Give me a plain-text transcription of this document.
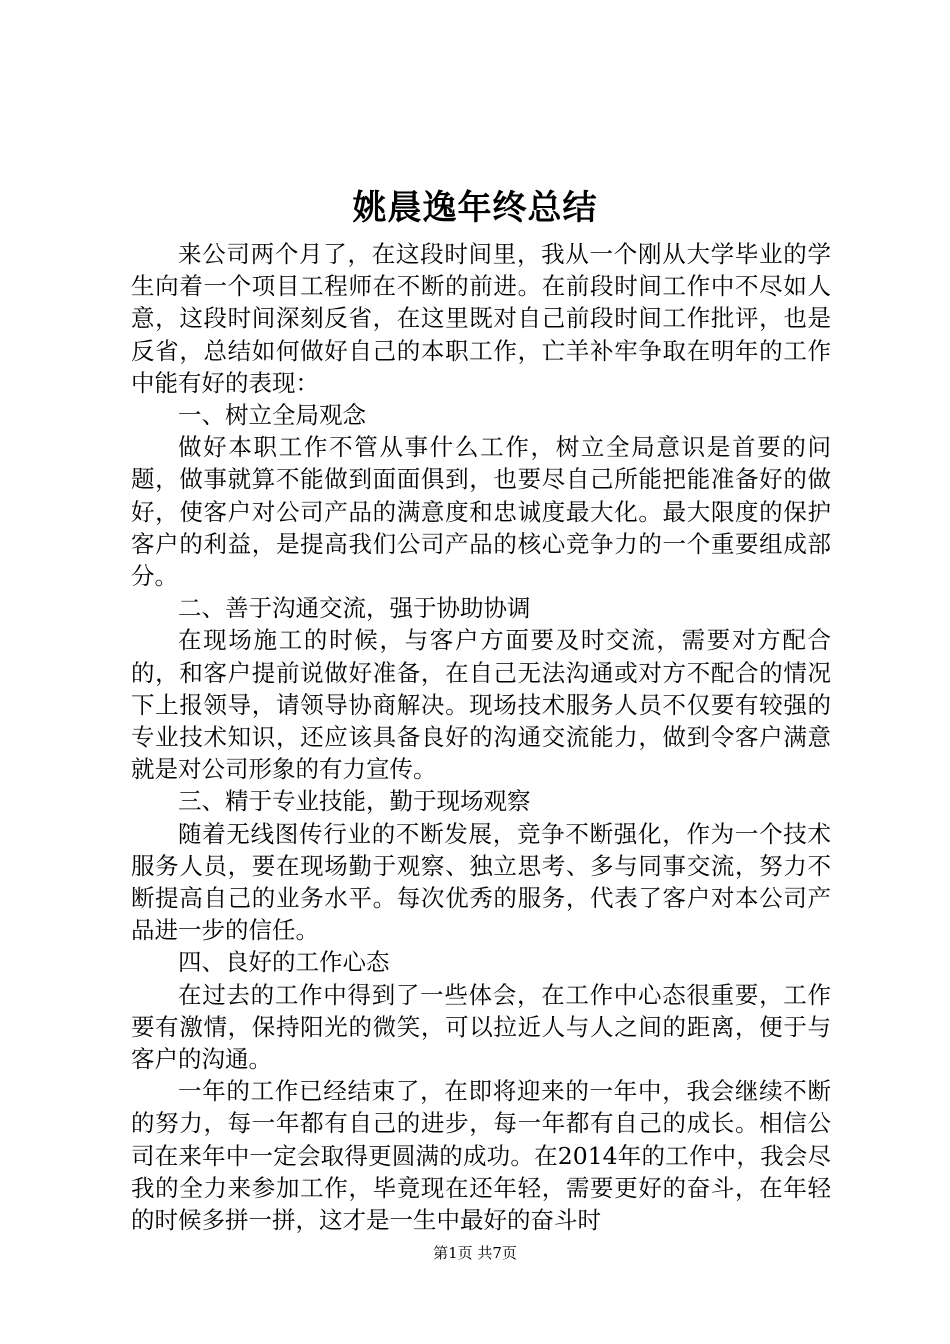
姚晨逸年终总结

来公司两个月了，在这段时间里，我从一个刚从大学毕业的学生向着一个项目工程师在不断的前进。在前段时间工作中不尽如人意，这段时间深刻反省，在这里既对自己前段时间工作批评，也是反省，总结如何做好自己的本职工作，亡羊补牢争取在明年的工作中能有好的表现：

一、树立全局观念

做好本职工作不管从事什么工作，树立全局意识是首要的问题，做事就算不能做到面面俱到，也要尽自己所能把能准备好的做好，使客户对公司产品的满意度和忠诚度最大化。最大限度的保护客户的利益，是提高我们公司产品的核心竞争力的一个重要组成部分。

二、善于沟通交流，强于协助协调

在现场施工的时候，与客户方面要及时交流，需要对方配合的，和客户提前说做好准备，在自己无法沟通或对方不配合的情况下上报领导，请领导协商解决。现场技术服务人员不仅要有较强的专业技术知识，还应该具备良好的沟通交流能力，做到令客户满意就是对公司形象的有力宣传。

三、精于专业技能，勤于现场观察

随着无线图传行业的不断发展，竞争不断强化，作为一个技术服务人员，要在现场勤于观察、独立思考、多与同事交流，努力不断提高自己的业务水平。每次优秀的服务，代表了客户对本公司产品进一步的信任。

四、良好的工作心态

在过去的工作中得到了一些体会，在工作中心态很重要，工作要有激情，保持阳光的微笑，可以拉近人与人之间的距离，便于与客户的沟通。

一年的工作已经结束了，在即将迎来的一年中，我会继续不断的努力，每一年都有自己的进步，每一年都有自己的成长。相信公司在来年中一定会取得更圆满的成功。在2014年的工作中，我会尽我的全力来参加工作，毕竟现在还年轻，需要更好的奋斗，在年轻的时候多拼一拼，这才是一生中最好的奋斗时

第1页 共7页
